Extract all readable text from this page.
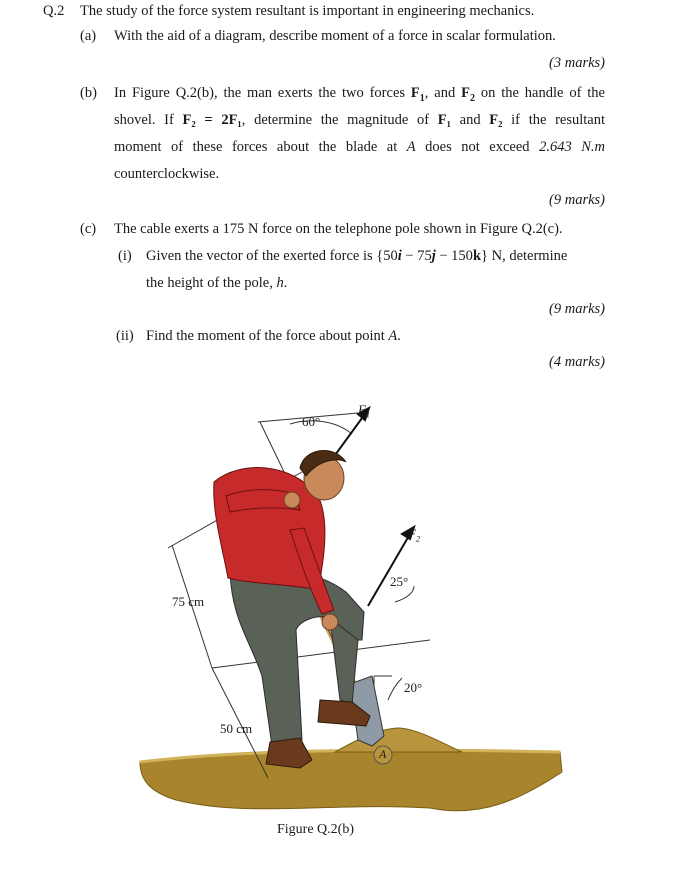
Q.2 The study of the force system resultant is important in engineering mechanics.
(a) With the aid of a diagram, describe moment of a force in scalar formulation.
(3 marks)
(b) In Figure Q.2(b), the man exerts the two forces $F_1$, and $F_2$ on the handle of the
shovel. If F₂ = 2F₁, determine the magnitude of F₁ and F₂ if the resultant
moment of these forces about the blade at A does not exceed 2.643 N.m
counterclockwise.
(9 marks)
(c) The cable exerts a 175 N force on the telephone pole shown in Figure Q.2(c).
(i) Given the vector of the exerted force is {50i − 75j − 150k} N, determine
the height of the pole, h.
(9 marks)
(ii) Find the moment of the force about point A.
(4 marks)
60°
$F_1$
$F_2$
25°
20°
75 cm
50 cm
A
Figure Q.2(b)
